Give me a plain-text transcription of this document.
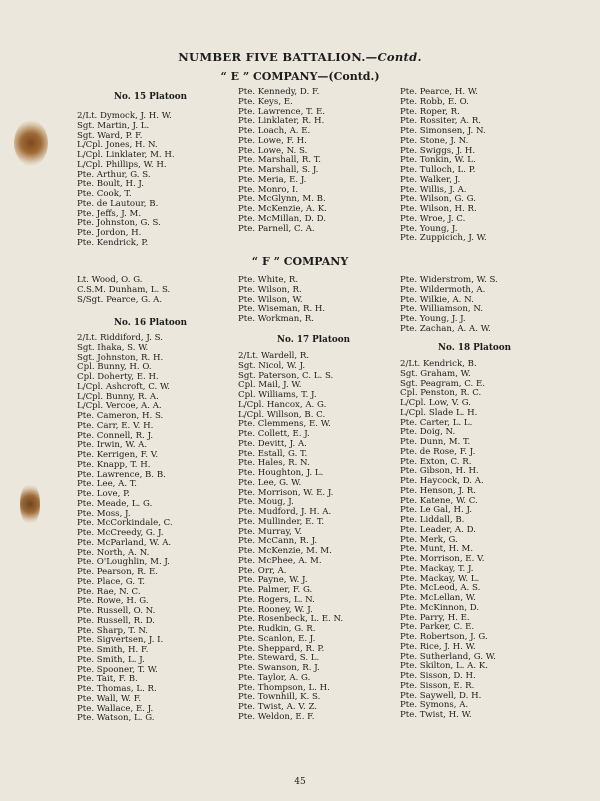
NUMBER FIVE BATTALION.—Contd.
“ E ” COMPANY—(Contd.)
No. 15 Platoon
2/Lt. Dymock, J. H. W.
Sgt. Martin, J. L.
Sgt. Ward, P. F.
L/Cpl. Jones, H. N.
L/Cpl. Linklater, M. H.
L/Cpl. Phillips, W. H.
Pte. Arthur, G. S.
Pte. Boult, H. J.
Pte. Cook, T.
Pte. de Lautour, B.
Pte. Jeffs, J. M.
Pte. Johnston, G. S.
Pte. Jordon, H.
Pte. Kendrick, P.
Pte. Kennedy, D. F.
Pte. Keys, E.
Pte. Lawrence, T. E.
Pte. Linklater, R. H.
Pte. Loach, A. E.
Pte. Lowe, F. H.
Pte. Lowe, N. S.
Pte. Marshall, R. T.
Pte. Marshall, S. J.
Pte. Meria, E. J.
Pte. Monro, I.
Pte. McGlynn, M. B.
Pte. McKenzie, A. K.
Pte. McMillan, D. D.
Pte. Parnell, C. A.
Pte. Pearce, H. W.
Pte. Robb, E. O.
Pte. Roper, R.
Pte. Rossiter, A. R.
Pte. Simonsen, J. N.
Pte. Stone, J. N.
Pte. Swiggs, J. H.
Pte. Tonkin, W. L.
Pte. Tulloch, L. P.
Pte. Walker, J.
Pte. Willis, J. A.
Pte. Wilson, G. G.
Pte. Wilson, H. R.
Pte. Wroe, J. C.
Pte. Young, J.
Pte. Zuppicich, J. W.
“ F ” COMPANY
Lt. Wood, O. G.
C.S.M. Dunham, L. S.
S/Sgt. Pearce, G. A.
Pte. White, R.
Pte. Wilson, R.
Pte. Wilson, W.
Pte. Wiseman, R. H.
Pte. Workman, R.
Pte. Widerstrom, W. S.
Pte. Wildermoth, A.
Pte. Wilkie, A. N.
Pte. Williamson, N.
Pte. Young, J. J.
Pte. Zachan, A. A. W.
No. 16 Platoon
2/Lt. Riddiford, J. S.
Sgt. Ihaka, S. W.
Sgt. Johnston, R. H.
Cpl. Bunny, H. O.
Cpl. Doherty, E. H.
L/Cpl. Ashcroft, C. W.
L/Cpl. Bunny, R. A.
L/Cpl. Vercoe, A. A.
Pte. Cameron, H. S.
Pte. Carr, E. V. H.
Pte. Connell, R. J.
Pte. Irwin, W. A.
Pte. Kerrigen, F. V.
Pte. Knapp, T. H.
Pte. Lawrence, B. B.
Pte. Lee, A. T.
Pte. Love, P.
Pte. Meade, L. G.
Pte. Moss, J.
Pte. McCorkindale, C.
Pte. McCreedy, G. J.
Pte. McParland, W. A.
Pte. North, A. N.
Pte. O'Loughlin, M. J.
Pte. Pearson, R. E.
Pte. Place, G. T.
Pte. Rae, N. C.
Pte. Rowe, H. G.
Pte. Russell, O. N.
Pte. Russell, R. D.
Pte. Sharp, T. N.
Pte. Sigvertsen, J. I.
Pte. Smith, H. F.
Pte. Smith, L. J.
Pte. Spooner, T. W.
Pte. Tait, F. B.
Pte. Thomas, L. R.
Pte. Wall, W. F.
Pte. Wallace, E. J.
Pte. Watson, L. G.
No. 17 Platoon
2/Lt. Wardell, R.
Sgt. Nicol, W. J.
Sgt. Paterson, C. L. S.
Cpl. Mail, J. W.
Cpl. Williams, T. J.
L/Cpl. Hancox, A. G.
L/Cpl. Willson, B. C.
Pte. Clemmens, E. W.
Pte. Collett, E. J.
Pte. Devitt, J. A.
Pte. Estall, G. T.
Pte. Hales, R. N.
Pte. Houghton, J. L.
Pte. Lee, G. W.
Pte. Morrison, W. E. J.
Pte. Moug, J.
Pte. Mudford, J. H. A.
Pte. Mullinder, E. T.
Pte. Murray, V.
Pte. McCann, R. J.
Pte. McKenzie, M. M.
Pte. McPhee, A. M.
Pte. Orr, A.
Pte. Payne, W. J.
Pte. Palmer, F. G.
Pte. Rogers, L. N.
Pte. Rooney, W. J.
Pte. Rosenbeck, L. E. N.
Pte. Rudkin, G. R.
Pte. Scanlon, E. J.
Pte. Sheppard, R. P.
Pte. Steward, S. L.
Pte. Swanson, R. J.
Pte. Taylor, A. G.
Pte. Thompson, L. H.
Pte. Townhill, K. S.
Pte. Twist, A. V. Z.
Pte. Weldon, E. F.
No. 18 Platoon
2/Lt. Kendrick, B.
Sgt. Graham, W.
Sgt. Peagram, C. E.
Cpl. Penston, R. C.
L/Cpl. Low, V. G.
L/Cpl. Slade L. H.
Pte. Carter, L. L.
Pte. Doig, N.
Pte. Dunn, M. T.
Pte. de Rose, F. J.
Pte. Exton, C. R.
Pte. Gibson, H. H.
Pte. Haycock, D. A.
Pte. Henson, J. R.
Pte. Katene, W. C.
Pte. Le Gal, H. J.
Pte. Liddall, B.
Pte. Leader, A. D.
Pte. Merk, G.
Pte. Munt, H. M.
Pte. Morrison, E. V.
Pte. Mackay, T. J.
Pte. Mackay, W. L.
Pte. McLeod, A. S.
Pte. McLellan, W.
Pte. McKinnon, D.
Pte. Parry, H. E.
Pte. Parker, C. E.
Pte. Robertson, J. G.
Pte. Rice, J. H. W.
Pte. Sutherland, G. W.
Pte. Skilton, L. A. K.
Pte. Sisson, D. H.
Pte. Sisson, E. R.
Pte. Saywell, D. H.
Pte. Symons, A.
Pte. Twist, H. W.
45
